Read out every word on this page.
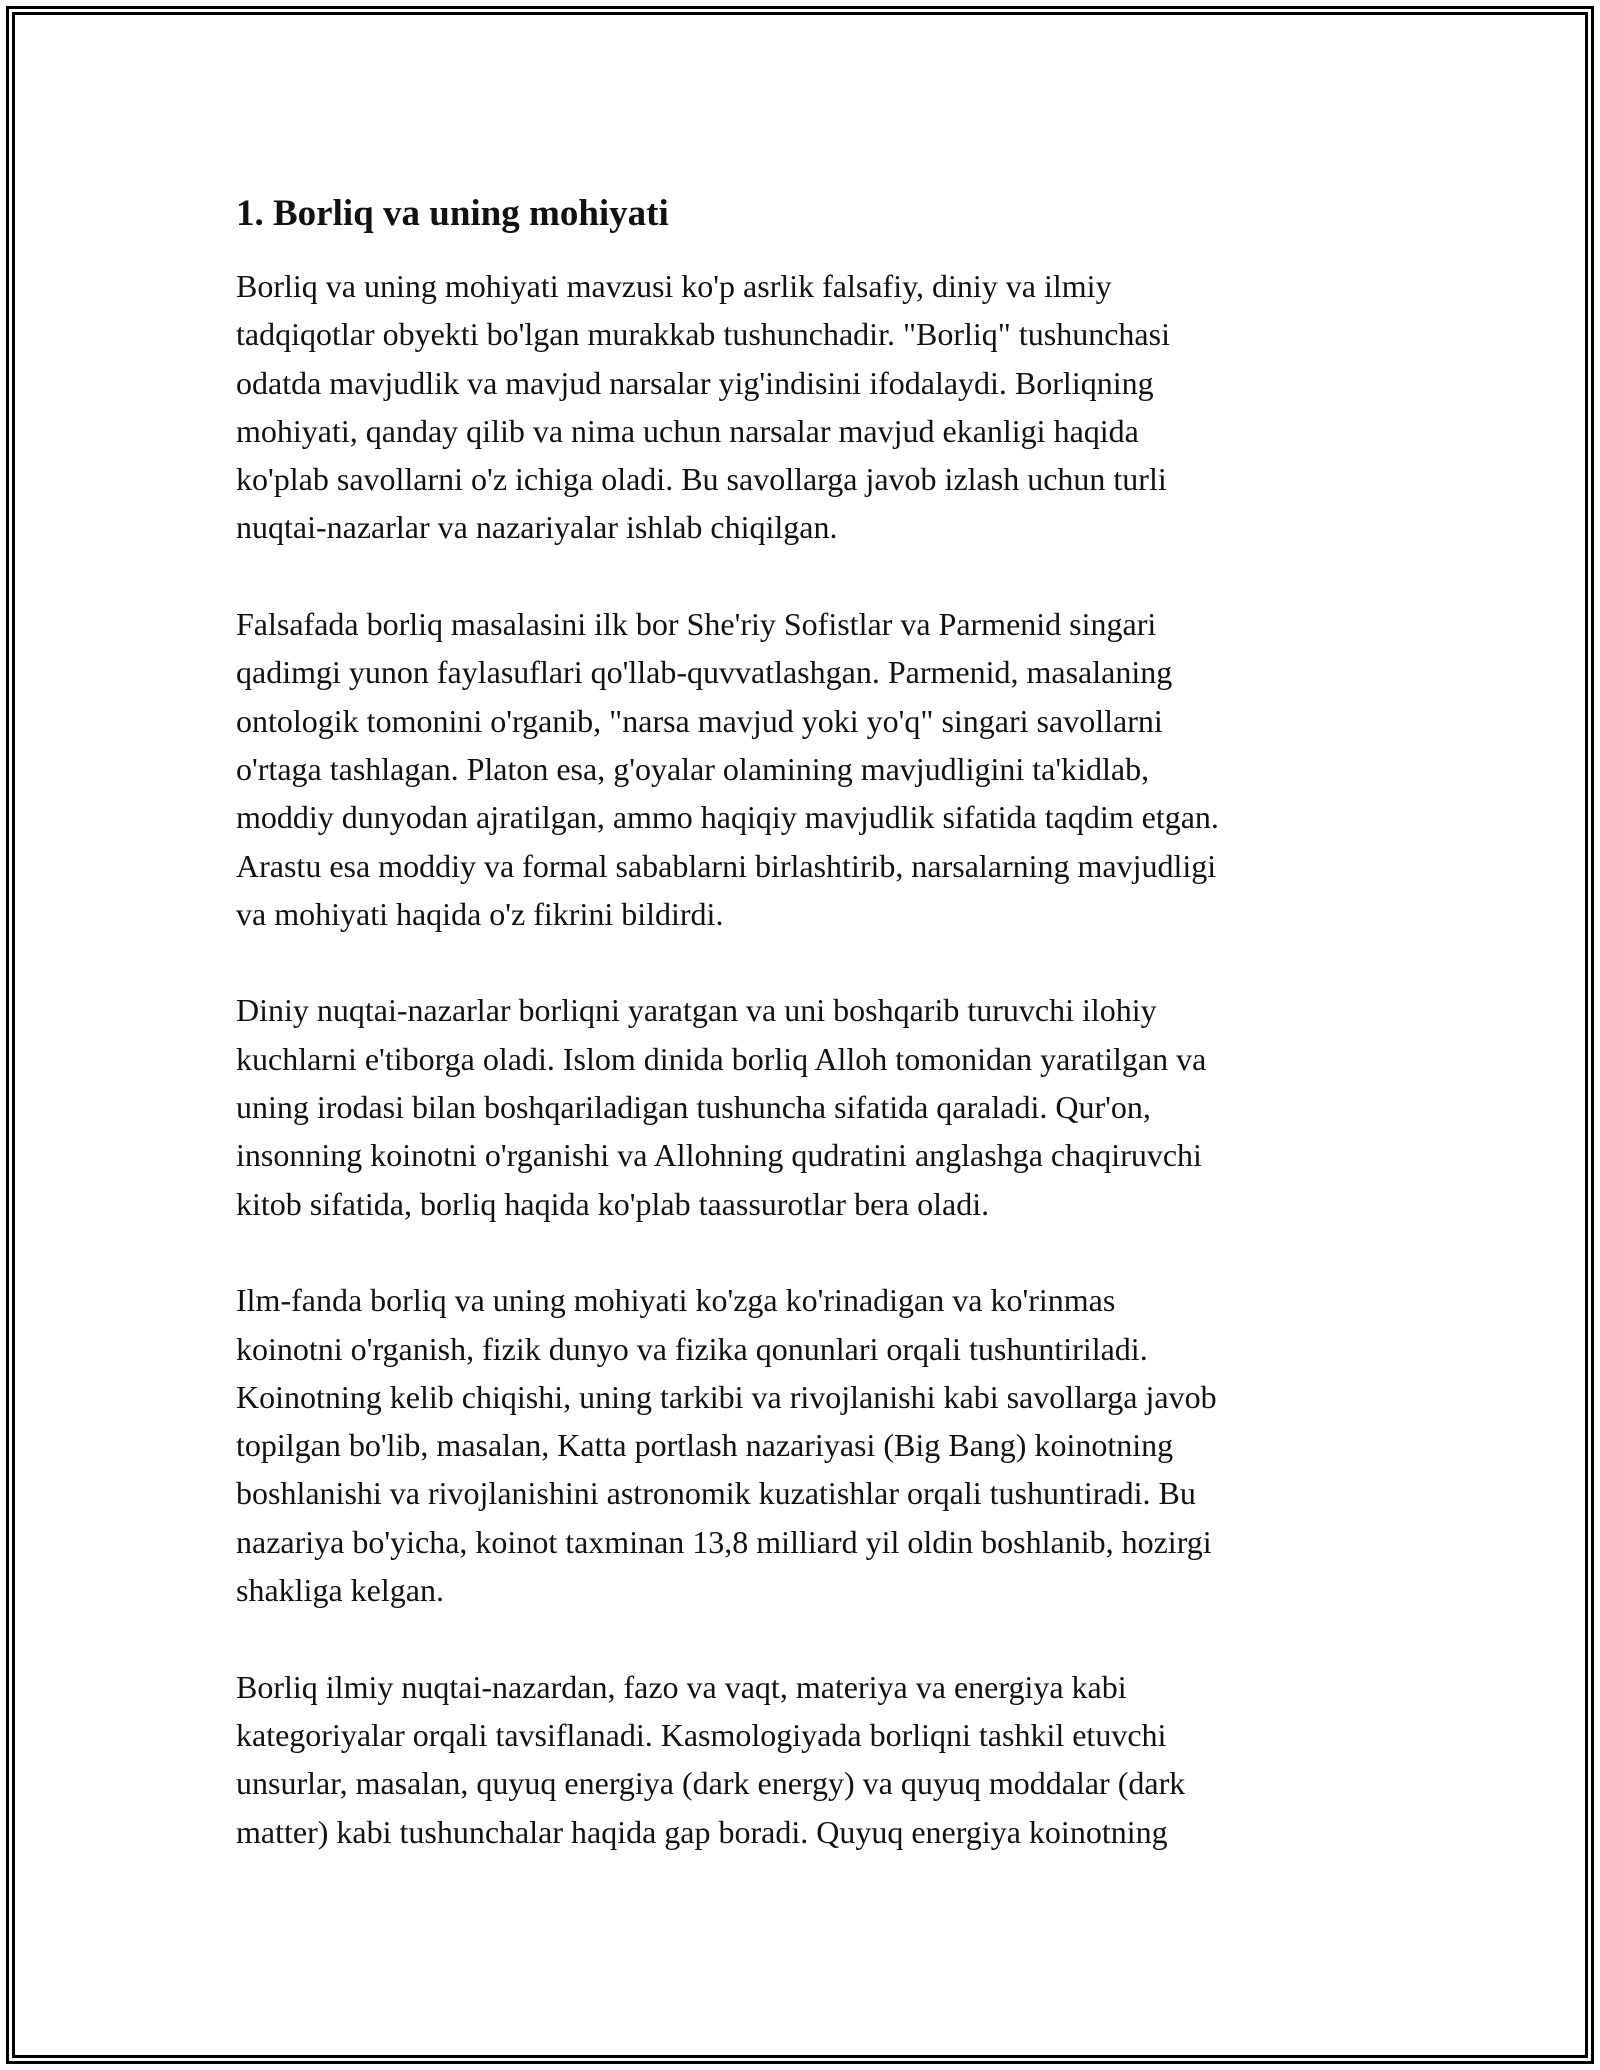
1. Borliq va uning mohiyati

Borliq va uning mohiyati mavzusi ko'p asrlik falsafiy, diniy va ilmiy
tadqiqotlar obyekti bo'lgan murakkab tushunchadir. "Borliq" tushunchasi
odatda mavjudlik va mavjud narsalar yig'indisini ifodalaydi. Borliqning
mohiyati, qanday qilib va nima uchun narsalar mavjud ekanligi haqida
ko'plab savollarni o'z ichiga oladi. Bu savollarga javob izlash uchun turli
nuqtai-nazarlar va nazariyalar ishlab chiqilgan.

Falsafada borliq masalasini ilk bor She'riy Sofistlar va Parmenid singari
qadimgi yunon faylasuflari qo'llab-quvvatlashgan. Parmenid, masalaning
ontologik tomonini o'rganib, "narsa mavjud yoki yo'q" singari savollarni
o'rtaga tashlagan. Platon esa, g'oyalar olamining mavjudligini ta'kidlab,
moddiy dunyodan ajratilgan, ammo haqiqiy mavjudlik sifatida taqdim etgan.
Arastu esa moddiy va formal sabablarni birlashtirib, narsalarning mavjudligi
va mohiyati haqida o'z fikrini bildirdi.

Diniy nuqtai-nazarlar borliqni yaratgan va uni boshqarib turuvchi ilohiy
kuchlarni e'tiborga oladi. Islom dinida borliq Alloh tomonidan yaratilgan va
uning irodasi bilan boshqariladigan tushuncha sifatida qaraladi. Qur'on,
insonning koinotni o'rganishi va Allohning qudratini anglashga chaqiruvchi
kitob sifatida, borliq haqida ko'plab taassurotlar bera oladi.

Ilm-fanda borliq va uning mohiyati ko'zga ko'rinadigan va ko'rinmas
koinotni o'rganish, fizik dunyo va fizika qonunlari orqali tushuntiriladi.
Koinotning kelib chiqishi, uning tarkibi va rivojlanishi kabi savollarga javob
topilgan bo'lib, masalan, Katta portlash nazariyasi (Big Bang) koinotning
boshlanishi va rivojlanishini astronomik kuzatishlar orqali tushuntiradi. Bu
nazariya bo'yicha, koinot taxminan 13,8 milliard yil oldin boshlanib, hozirgi
shakliga kelgan.

Borliq ilmiy nuqtai-nazardan, fazo va vaqt, materiya va energiya kabi
kategoriyalar orqali tavsiflanadi. Kasmologiyada borliqni tashkil etuvchi
unsurlar, masalan, quyuq energiya (dark energy) va quyuq moddalar (dark
matter) kabi tushunchalar haqida gap boradi. Quyuq energiya koinotning
